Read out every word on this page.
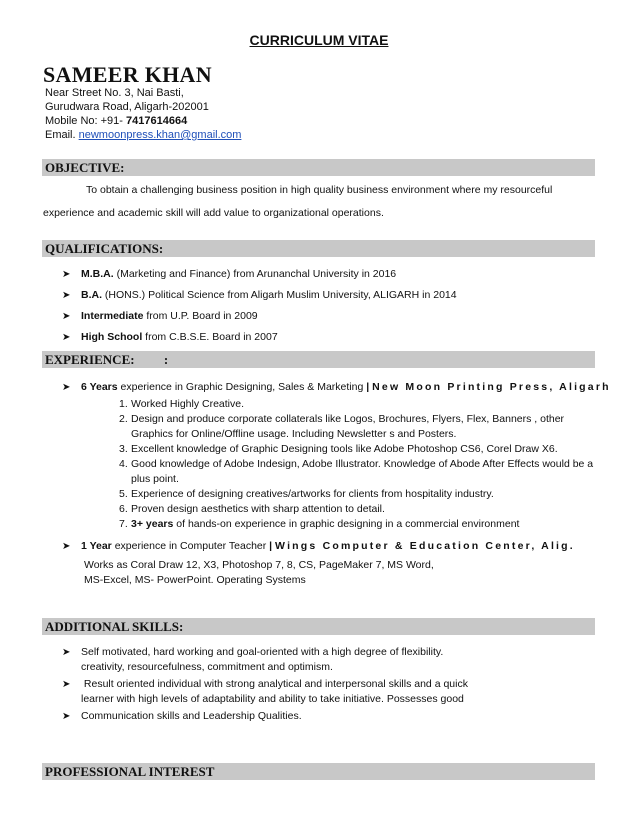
CURRICULUM VITAE
SAMEER KHAN
Near Street No. 3, Nai Basti,
Gurudwara Road, Aligarh-202001
Mobile No: +91- 7417614664
Email. newmoonpress.khan@gmail.com
OBJECTIVE:
To obtain a challenging business position in high quality business environment where my resourceful
experience and academic skill will add value to organizational operations.
QUALIFICATIONS:
➤ M.B.A. (Marketing and Finance) from Arunanchal University in 2016
➤ B.A. (HONS.) Political Science from Aligarh Muslim University, ALIGARH in 2014
➤ Intermediate from U.P. Board in 2009
➤ High School from C.B.S.E. Board in 2007
EXPERIENCE: :
➤ 6 Years experience in Graphic Designing, Sales & Marketing | New Moon Printing Press, Aligarh
1. Worked Highly Creative.
2. Design and produce corporate collaterals like Logos, Brochures, Flyers, Flex, Banners , other Graphics for Online/Offline usage. Including Newsletter s and Posters.
3. Excellent knowledge of Graphic Designing tools like Adobe Photoshop CS6, Corel Draw X6.
4. Good knowledge of Adobe Indesign, Adobe Illustrator. Knowledge of Abode After Effects would be a plus point.
5. Experience of designing creatives/artworks for clients from hospitality industry.
6. Proven design aesthetics with sharp attention to detail.
7. 3+ years of hands-on experience in graphic designing in a commercial environment
➤ 1 Year experience in Computer Teacher | Wings Computer & Education Center, Alig.
Works as Coral Draw 12, X3, Photoshop 7, 8, CS, PageMaker 7, MS Word,
MS-Excel, MS- PowerPoint. Operating Systems
ADDITIONAL SKILLS:
➤ Self motivated, hard working and goal-oriented with a high degree of flexibility.
creativity, resourcefulness, commitment and optimism.
➤ Result oriented individual with strong analytical and interpersonal skills and a quick
learner with high levels of adaptability and ability to take initiative. Possesses good
➤ Communication skills and Leadership Qualities.
PROFESSIONAL INTEREST
